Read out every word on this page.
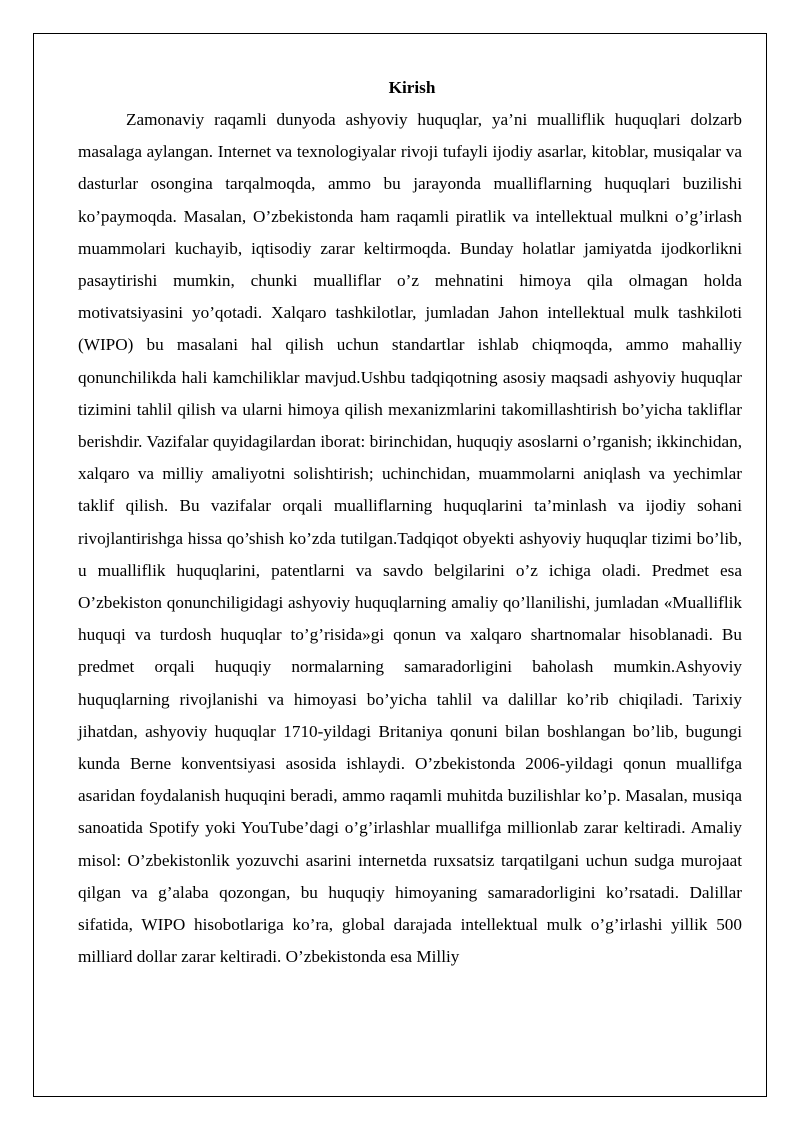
Kirish

Zamonaviy raqamli dunyoda ashyoviy huquqlar, ya’ni mualliflik huquqlari dolzarb masalaga aylangan. Internet va texnologiyalar rivoji tufayli ijodiy asarlar, kitoblar, musiqalar va dasturlar osongina tarqalmoqda, ammo bu jarayonda mualliflarning huquqlari buzilishi ko’paymoqda. Masalan, O’zbekistonda ham raqamli piratlik va intellektual mulkni o’g’irlash muammolari kuchayib, iqtisodiy zarar keltirmoqda. Bunday holatlar jamiyatda ijodkorlikni pasaytirishi mumkin, chunki mualliflar o’z mehnatini himoya qila olmagan holda motivatsiyasini yo’qotadi. Xalqaro tashkilotlar, jumladan Jahon intellektual mulk tashkiloti (WIPO) bu masalani hal qilish uchun standartlar ishlab chiqmoqda, ammo mahalliy qonunchilikda hali kamchiliklar mavjud.Ushbu tadqiqotning asosiy maqsadi ashyoviy huquqlar tizimini tahlil qilish va ularni himoya qilish mexanizmlarini takomillashtirish bo’yicha takliflar berishdir. Vazifalar quyidagilardan iborat: birinchidan, huquqiy asoslarni o’rganish; ikkinchidan, xalqaro va milliy amaliyotni solishtirish; uchinchidan, muammolarni aniqlash va yechimlar taklif qilish. Bu vazifalar orqali mualliflarning huquqlarini ta’minlash va ijodiy sohani rivojlantirishga hissa qo’shish ko’zda tutilgan.Tadqiqot obyekti ashyoviy huquqlar tizimi bo’lib, u mualliflik huquqlarini, patentlarni va savdo belgilarini o’z ichiga oladi. Predmet esa O’zbekiston qonunchiligidagi ashyoviy huquqlarning amaliy qo’llanilishi, jumladan «Mualliflik huquqi va turdosh huquqlar to’g’risida»gi qonun va xalqaro shartnomalar hisoblanadi. Bu predmet orqali huquqiy normalarning samaradorligini baholash mumkin.Ashyoviy huquqlarning rivojlanishi va himoyasi bo’yicha tahlil va dalillar ko’rib chiqiladi. Tarixiy jihatdan, ashyoviy huquqlar 1710-yildagi Britaniya qonuni bilan boshlangan bo’lib, bugungi kunda Berne konventsiyasi asosida ishlaydi. O’zbekistonda 2006-yildagi qonun muallifga asaridan foydalanish huquqini beradi, ammo raqamli muhitda buzilishlar ko’p. Masalan, musiqa sanoatida Spotify yoki YouTube’dagi o’g’irlashlar muallifga millionlab zarar keltiradi. Amaliy misol: O’zbekistonlik yozuvchi asarini internetda ruxsatsiz tarqatilgani uchun sudga murojaat qilgan va g’alaba qozongan, bu huquqiy himoyaning samaradorligini ko’rsatadi. Dalillar sifatida, WIPO hisobotlariga ko’ra, global darajada intellektual mulk o’g’irlashi yillik 500 milliard dollar zarar keltiradi. O’zbekistonda esa Milliy
